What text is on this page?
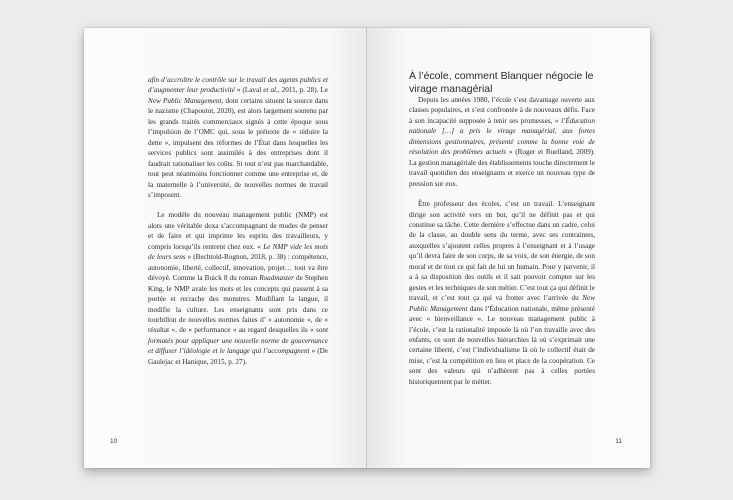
afin d’accroître le contrôle sur le travail des agents publics et d’augmenter leur productivité » (Laval et al., 2011, p. 28). Le New Public Management, dont certains situent la source dans le nazisme (Chapoutot, 2020), est alors largement soutenu par les grands traités commerciaux signés à cette époque sous l’impulsion de l’OMC qui, sous le prétexte de « réduire la dette », impulsent des réformes de l’État dans lesquelles les services publics sont assimilés à des entreprises dont il faudrait rationaliser les coûts. Si tout n’est pas marchandable, tout peut néanmoins fonctionner comme une entreprise et, de la maternelle à l’université, de nouvelles normes de travail s’imposent.

Le modèle du nouveau management public (NMP) est alors une véritable doxa s’accompagnant de modes de penser et de faire et qui imprime les esprits des travailleurs, y compris lorsqu’ils rentrent chez eux. « Le NMP vide les mots de leurs sens » (Bechtold-Rognon, 2018, p. 38) : compétence, autonomie, liberté, collectif, innovation, projet… tout va être dévoyé. Comme la Buick 8 du roman Roadmaster de Stephen King, le NMP avale les mots et les concepts qui passent à sa portée et recrache des monstres. Modifiant la langue, il modifie la culture. Les enseignants sont pris dans ce tourbillon de nouvelles normes faites d’ « autonomie », de « résultat », de « performance » au regard desquelles ils « sont formatés pour appliquer une nouvelle norme de gouvernance et diffuser l’idéologie et le langage qui l’accompagnent » (De Gaulejac et Hanique, 2015, p. 27).

10
À l’école, comment Blanquer négocie le virage managérial

Depuis les années 1980, l’école s’est davantage ouverte aux classes populaires, et s’est confrontée à de nouveaux défis. Face à son incapacité supposée à tenir ses promesses, « l’Éducation nationale […] a pris le virage managérial, aux fortes dimensions gestionnaires, présenté comme la bonne voie de résolution des problèmes actuels » (Roger et Ruelland, 2009). La gestion managériale des établissements touche directement le travail quotidien des enseignants et exerce un nouveau type de pression sur eux.

Être professeur des écoles, c’est un travail. L’enseignant dirige son activité vers un but, qu’il ne définit pas et qui constitue sa tâche. Cette dernière s’effectue dans un cadre, celui de la classe, au double sens du terme, avec ses contraintes, auxquelles s’ajoutent celles propres à l’enseignant et à l’usage qu’il devra faire de son corps, de sa voix, de son énergie, de son moral et de tout ce qui fait de lui un humain. Pour y parvenir, il a à sa disposition des outils et il sait pouvoir compter sur les gestes et les techniques de son métier. C’est tout ça qui définit le travail, et c’est tout ça qui va frotter avec l’arrivée du New Public Management dans l’Éducation nationale, même présenté avec « bienveillance ». Le nouveau management public à l’école, c’est la rationalité imposée là où l’on travaille avec des enfants, ce sont de nouvelles hiérarchies là où s’exprimait une certaine liberté, c’est l’individualisme là où le collectif était de mise, c’est la compétition en lieu et place de la coopération. Ce sont des valeurs qui n’adhèrent pas à celles portées historiquement par le métier.

11
